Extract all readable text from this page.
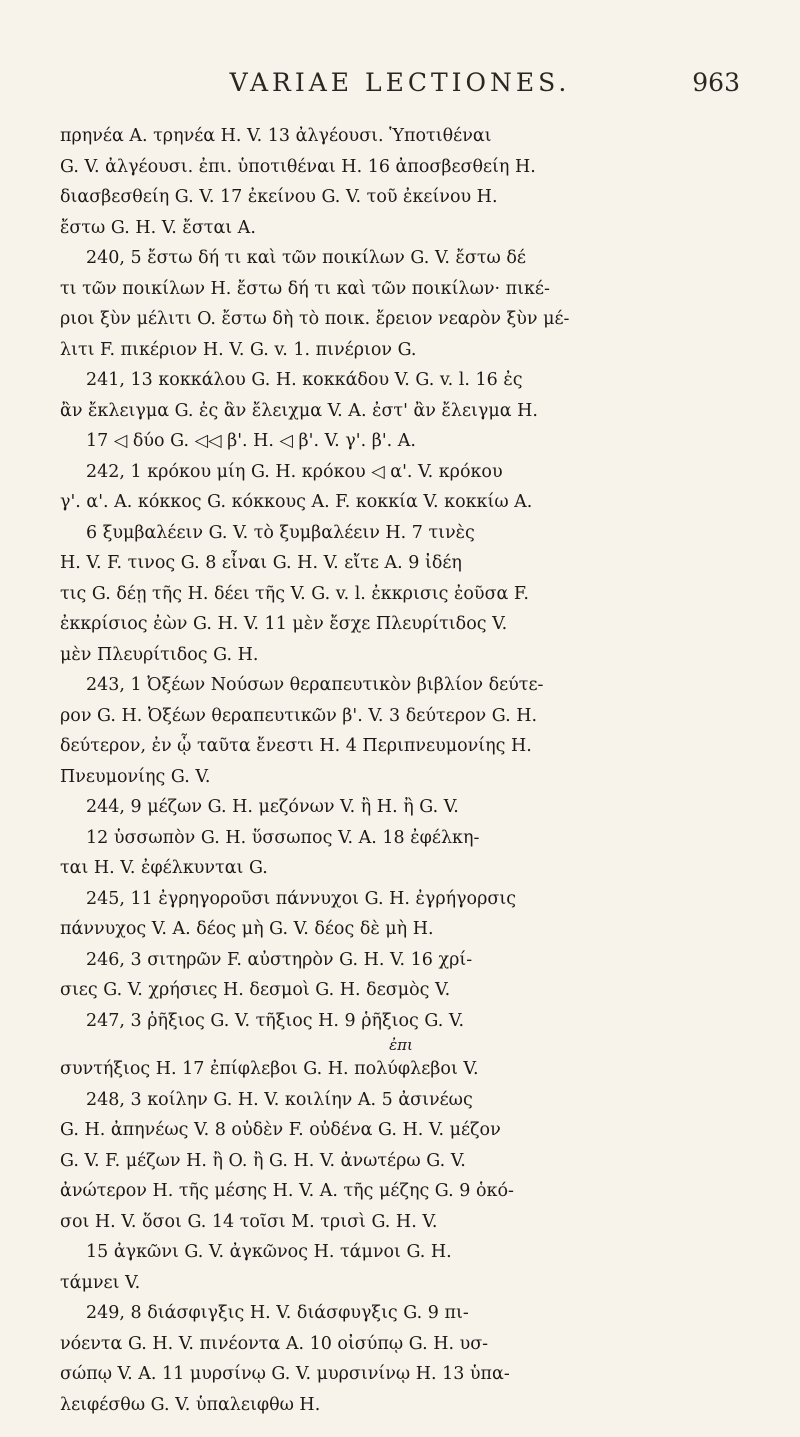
VARIAE LECTIONES.	963
πρηνέα A. τρηνέα H. V. 13 ἀλγέουσι. Ὑποτιθέναι
G. V. ἀλγέουσι. ἐπι. ὑποτιθέναι H. 16 ἀποσβεσθείη H.
διασβεσθείη G. V. 17 ἐκείνου G. V. τοῦ ἐκείνου H.
ἔστω G. H. V. ἔσται A.
240, 5 ἔστω δή τι καὶ τῶν ποικίλων G. V. ἔστω δέ
τι τῶν ποικίλων H. ἔστω δή τι καὶ τῶν ποικίλων· πικέ-
ριοι ξὺν μέλιτι O. ἔστω δὴ τὸ ποικ. ἔρειον νεαρὸν ξὺν μέ-
λιτι F. πικέριον H. V. G. v. 1. πινέριον G.
241, 13 κοκκάλου G. H. κοκκάδου V. G. v. l. 16 ἐς
ἂν ἔκλειγμα G. ἐς ἂν ἔλειχμα V. A. ἐστ' ἂν ἔλειγμα H.
17 ◁ δύο G. ◁◁ β'. H. ◁ β'. V. γ'. β'. A.
242, 1 κρόκου μίη G. H. κρόκου ◁ α'. V. κρόκου
γ'. α'. A. κόκκος G. κόκκους A. F. κοκκία V. κοκκίω A.
6 ξυμβαλέειν G. V. τὸ ξυμβαλέειν H. 7 τινὲς
H. V. F. τινος G. 8 εἶναι G. H. V. εἴτε A. 9 ἰδέη
τις G. δέῃ τῆς H. δέει τῆς V. G. v. l. ἐκκρισις ἐοῦσα F.
ἐκκρίσιος ἐὼν G. H. V. 11 μὲν ἔσχε Πλευρίτιδος V.
μὲν Πλευρίτιδος G. H.
243, 1 Ὀξέων Νούσων θεραπευτικὸν βιβλίον δεύτε-
ρον G. H. Ὀξέων θεραπευτικῶν β'. V. 3 δεύτερον G. H.
δεύτερον, ἐν ᾧ ταῦτα ἔνεστι H. 4 Περιπνευμονίης H.
Πνευμονίης G. V.
244, 9 μέζων G. H. μεζόνων V. ἢ H. ἢ G. V.
12 ὑσσωπὸν G. H. ὕσσωπος V. A. 18 ἐφέλκη-
ται H. V. ἐφέλκυνται G.
245, 11 ἐγρηγοροῦσι πάννυχοι G. H. ἐγρήγορσις
πάννυχος V. A. δέος μὴ G. V. δέος δὲ μὴ H.
246, 3 σιτηρῶν F. αὐστηρὸν G. H. V. 16 χρί-
σιες G. V. χρήσιες H. δεσμοὶ G. H. δεσμὸς V.
247, 3 ῥῆξιος G. V. τῆξιος H. 9 ῥῆξιος G. V.
ἐπι
συντήξιος H. 17 ἐπίφλεβοι G. H. πολύφλεβοι V.
248, 3 κοίλην G. H. V. κοιλίην A. 5 ἀσινέως
G. H. ἀπηνέως V. 8 οὐδὲν F. οὐδένα G. H. V. μέζον
G. V. F. μέζων H. ἢ O. ἢ G. H. V. ἀνωτέρω G. V.
ἀνώτερον H. τῆς μέσης H. V. A. τῆς μέζης G. 9 ὁκό-
σοι H. V. ὅσοι G. 14 τοῖσι M. τρισὶ G. H. V.
15 ἀγκῶνι G. V. ἀγκῶνος H. τάμνοι G. H.
τάμνει V.
249, 8 διάσφιγξις H. V. διάσφυγξις G. 9 πι-
νόεντα G. H. V. πινέοντα A. 10 οἰσύπῳ G. H. υσ-
σώπῳ V. A. 11 μυρσίνῳ G. V. μυρσινίνῳ H. 13 ὑπα-
λειφέσθω G. V. ὑπαλειφθω H.
